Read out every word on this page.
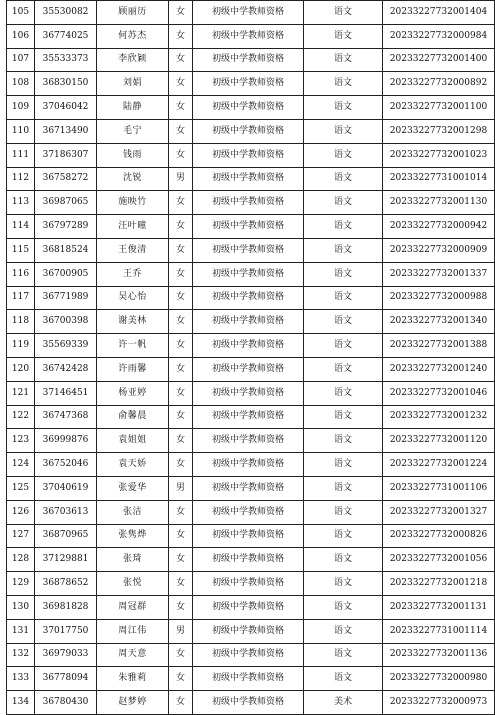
105	35530082	顾丽历	女	初级中学教师资格	语文	20233227732001404
106	36774025	何苏杰	女	初级中学教师资格	语文	20233227732000984
107	35533373	李欣颖	女	初级中学教师资格	语文	20233227732001400
108	36830150	刘娟	女	初级中学教师资格	语文	20233227732000892
109	37046042	陆静	女	初级中学教师资格	语文	20233227732001100
110	36713490	毛宁	女	初级中学教师资格	语文	20233227732001298
111	37186307	钱雨	女	初级中学教师资格	语文	20233227732001023
112	36758272	沈锐	男	初级中学教师资格	语文	20233227731001014
113	36987065	施映竹	女	初级中学教师资格	语文	20233227732001130
114	36797289	汪叶曈	女	初级中学教师资格	语文	20233227732000942
115	36818524	王俊清	女	初级中学教师资格	语文	20233227732000909
116	36700905	王乔	女	初级中学教师资格	语文	20233227732001337
117	36771989	吴心怡	女	初级中学教师资格	语文	20233227732000988
118	36700398	谢美林	女	初级中学教师资格	语文	20233227732001340
119	35569339	许一帆	女	初级中学教师资格	语文	20233227732001388
120	36742428	许雨馨	女	初级中学教师资格	语文	20233227732001240
121	37146451	杨亚婷	女	初级中学教师资格	语文	20233227732001046
122	36747368	俞馨晨	女	初级中学教师资格	语文	20233227732001232
123	36999876	袁姐姐	女	初级中学教师资格	语文	20233227732001120
124	36752046	袁天娇	女	初级中学教师资格	语文	20233227732001224
125	37040619	张爱华	男	初级中学教师资格	语文	20233227731001106
126	36703613	张洁	女	初级中学教师资格	语文	20233227732001327
127	36870965	张隽烨	女	初级中学教师资格	语文	20233227732000826
128	37129881	张琦	女	初级中学教师资格	语文	20233227732001056
129	36878652	张悦	女	初级中学教师资格	语文	20233227732001218
130	36981828	周冠群	女	初级中学教师资格	语文	20233227732001131
131	37017750	周江伟	男	初级中学教师资格	语文	20233227731001114
132	36979033	周天意	女	初级中学教师资格	语文	20233227732001136
133	36778094	朱雅莉	女	初级中学教师资格	语文	20233227732000980
134	36780430	赵梦婷	女	初级中学教师资格	美术	20233227732000973
